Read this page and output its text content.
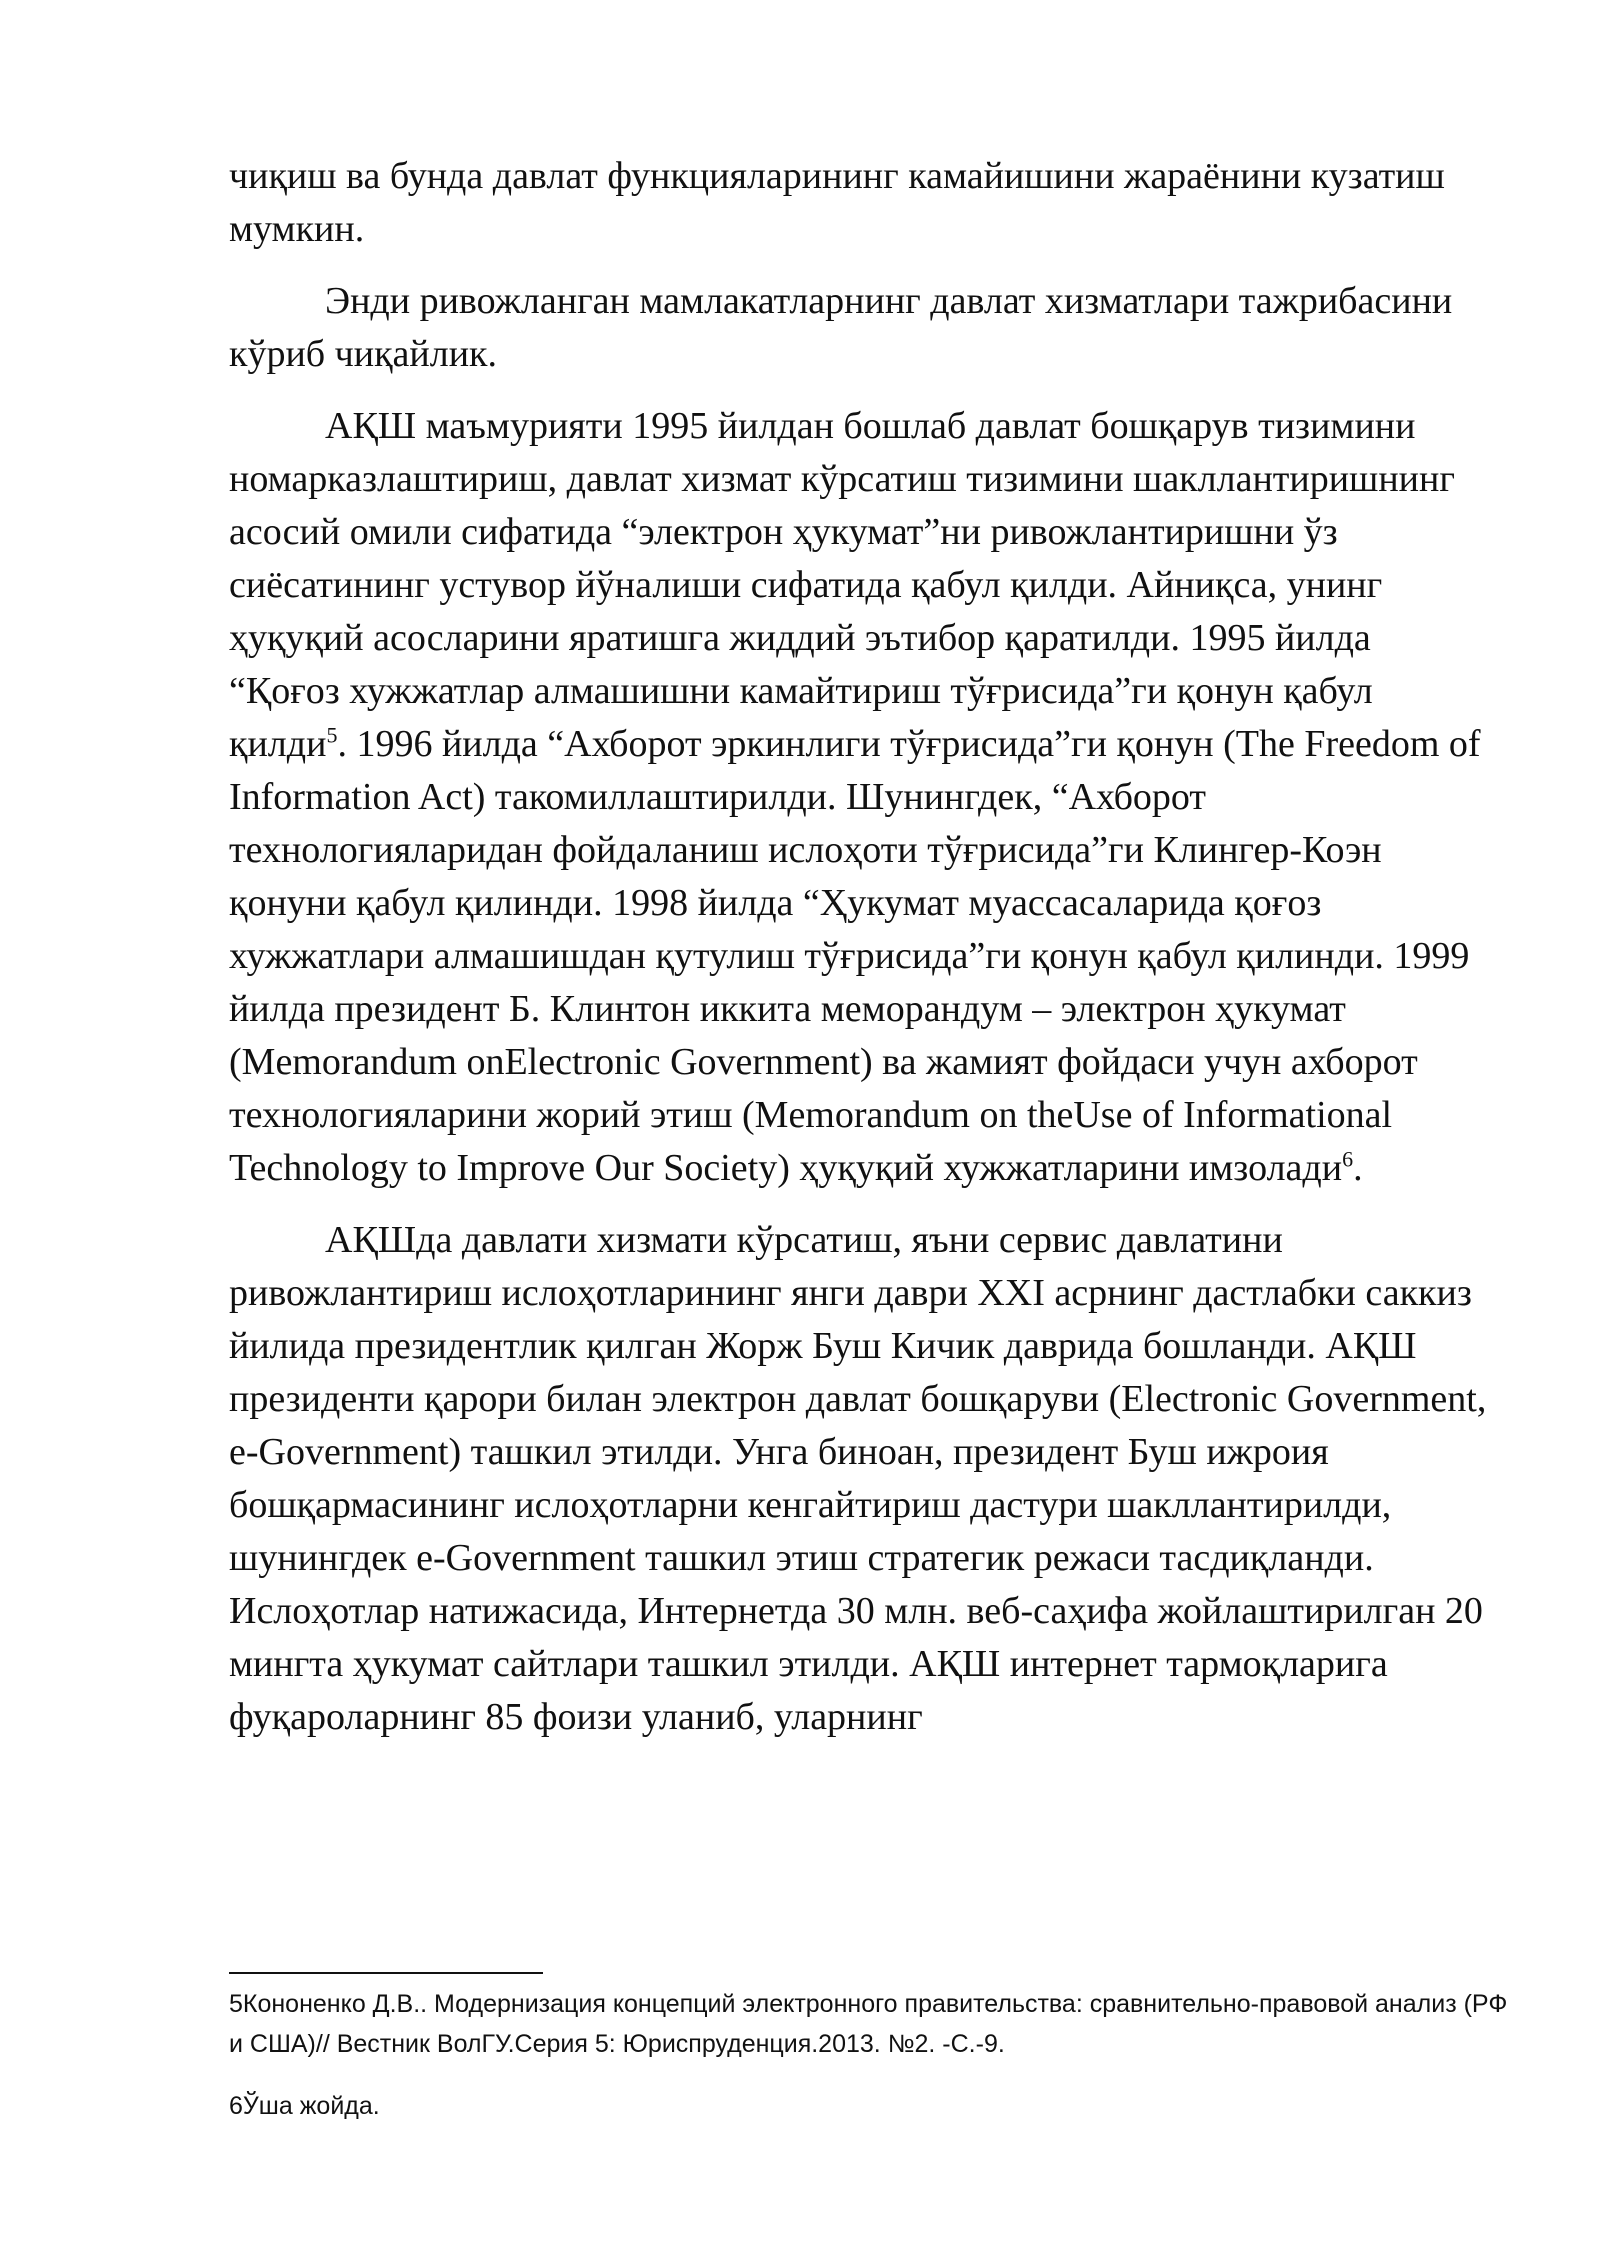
чиқиш ва бунда давлат функцияларининг камайишини жараёнини кузатиш мумкин.

Энди ривожланган мамлакатларнинг давлат хизматлари тажрибасини кўриб чиқайлик.

АҚШ маъмурияти 1995 йилдан бошлаб давлат бошқарув тизимини номарказлаштириш, давлат хизмат кўрсатиш тизимини шакллантиришнинг асосий омили сифатида “электрон ҳукумат”ни ривожлантиришни ўз сиёсатининг устувор йўналиши сифатида қабул қилди. Айниқса, унинг ҳуқуқий асосларини яратишга жиддий эътибор қаратилди. 1995 йилда “Қоғоз хужжатлар алмашишни камайтириш тўғрисида”ги қонун қабул қилди$^5$. 1996 йилда “Ахборот эркинлиги тўғрисида”ги қонун (The Freedom of Information Act) такомиллаштирилди. Шунингдек, “Ахборот технологияларидан фойдаланиш ислоҳоти тўғрисида”ги Клингер-Коэн қонуни қабул қилинди. 1998 йилда “Ҳукумат муассасаларида қоғоз хужжатлари алмашишдан қутулиш тўғрисида”ги қонун қабул қилинди. 1999 йилда президент Б. Клинтон иккита меморандум – электрон ҳукумат (Memorandum onElectronic Government) ва жамият фойдаси учун ахборот технологияларини жорий этиш (Memorandum on theUse of Informational Technology to Improve Our Society) ҳуқуқий хужжатларини имзолади$^6$.

АҚШда давлати хизмати кўрсатиш, яъни сервис давлатини ривожлантириш ислоҳотларининг янги даври XXI асрнинг дастлабки саккиз йилида президентлик қилган Жорж Буш Кичик даврида бошланди. АҚШ президенти қарори билан электрон давлат бошқаруви (Electronic Government, e-Government) ташкил этилди. Унга биноан, президент Буш ижроия бошқармасининг ислоҳотларни кенгайтириш дастури шакллантирилди, шунингдек e-Government ташкил этиш стратегик режаси тасдиқланди. Ислоҳотлар натижасида, Интернетда 30 млн. веб-саҳифа жойлаштирилган 20 мингта ҳукумат сайтлари ташкил этилди. АҚШ интернет тармоқларига фуқароларнинг 85 фоизи уланиб, уларнинг

5Кононенко Д.В.. Модернизация концепций электронного правительства: сравнительно-правовой анализ (РФ и США)// Вестник ВолГУ.Серия 5: Юриспруденция.2013. №2. -С.-9.

6Ўша жойда.
